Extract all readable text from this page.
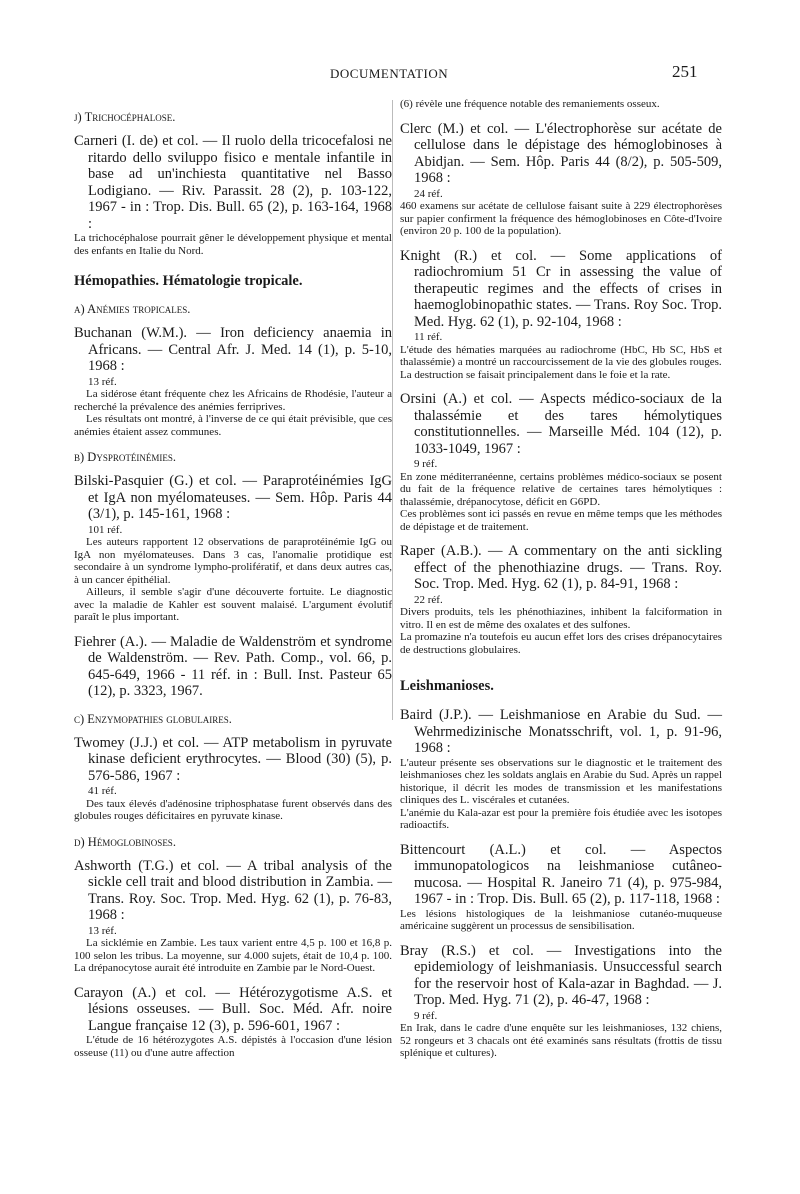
DOCUMENTATION	251
j) Trichocéphalose.

Carneri (I. de) et col. — Il ruolo della tricocefalosi ne ritardo dello sviluppo fisico e mentale infantile in base ad un'inchiesta quantitative nel Basso Lodigiano. — Riv. Parassit. 28 (2), p. 103-122, 1967 - in : Trop. Dis. Bull. 65 (2), p. 163-164, 1968 :

La trichocéphalose pourrait gêner le développement physique et mental des enfants en Italie du Nord.

Hémopathies. Hématologie tropicale.
a) Anémies tropicales.

Buchanan (W.M.). — Iron deficiency anaemia in Africans. — Central Afr. J. Med. 14 (1), p. 5-10, 1968 :

13 réf.

La sidérose étant fréquente chez les Africains de Rhodésie, l'auteur a recherché la prévalence des anémies ferriprives.

Les résultats ont montré, à l'inverse de ce qui était prévisible, que ces anémies étaient assez communes.

b) Dysprotéinémies.

Bilski-Pasquier (G.) et col. — Paraprotéinémies IgG et IgA non myélomateuses. — Sem. Hôp. Paris 44 (3/1), p. 145-161, 1968 :

101 réf.

Les auteurs rapportent 12 observations de paraprotéinémie IgG ou IgA non myélomateuses. Dans 3 cas, l'anomalie protidique est secondaire à un syndrome lympho-prolifératif, et dans deux autres cas, à un cancer épithélial.

Ailleurs, il semble s'agir d'une découverte fortuite. Le diagnostic avec la maladie de Kahler est souvent malaisé. L'argument évolutif paraît le plus important.

Fiehrer (A.). — Maladie de Waldenström et syndrome de Waldenström. — Rev. Path. Comp., vol. 66, p. 645-649, 1966 - 11 réf. in : Bull. Inst. Pasteur 65 (12), p. 3323, 1967.

c) Enzymopathies globulaires.

Twomey (J.J.) et col. — ATP metabolism in pyruvate kinase deficient erythrocytes. — Blood (30) (5), p. 576-586, 1967 :

41 réf.

Des taux élevés d'adénosine triphosphatase furent observés dans des globules rouges déficitaires en pyruvate kinase.

d) Hémoglobinoses.

Ashworth (T.G.) et col. — A tribal analysis of the sickle cell trait and blood distribution in Zambia. — Trans. Roy. Soc. Trop. Med. Hyg. 62 (1), p. 76-83, 1968 :

13 réf.

La sicklémie en Zambie. Les taux varient entre 4,5 p. 100 et 16,8 p. 100 selon les tribus. La moyenne, sur 4.000 sujets, était de 10,4 p. 100. La drépanocytose aurait été introduite en Zambie par le Nord-Ouest.

Carayon (A.) et col. — Hétérozygotisme A.S. et lésions osseuses. — Bull. Soc. Méd. Afr. noire Langue française 12 (3), p. 596-601, 1967 :

L'étude de 16 hétérozygotes A.S. dépistés à l'occasion d'une lésion osseuse (11) ou d'une autre affection

(6) révèle une fréquence notable des remaniements osseux.

Clerc (M.) et col. — L'électrophorèse sur acétate de cellulose dans le dépistage des hémoglobinoses à Abidjan. — Sem. Hôp. Paris 44 (8/2), p. 505-509, 1968 :

24 réf.

460 examens sur acétate de cellulose faisant suite à 229 électrophorèses sur papier confirment la fréquence des hémoglobinoses en Côte-d'Ivoire (environ 20 p. 100 de la population).

Knight (R.) et col. — Some applications of radiochromium 51 Cr in assessing the value of therapeutic regimes and the effects of crises in haemoglobinopathic states. — Trans. Roy Soc. Trop. Med. Hyg. 62 (1), p. 92-104, 1968 :

11 réf.

L'étude des hématies marquées au radiochrome (HbC, Hb SC, HbS et thalassémie) a montré un raccourcissement de la vie des globules rouges.

La destruction se faisait principalement dans le foie et la rate.

Orsini (A.) et col. — Aspects médico-sociaux de la thalassémie et des tares hémolytiques constitutionnelles. — Marseille Méd. 104 (12), p. 1033-1049, 1967 :

9 réf.

En zone méditerranéenne, certains problèmes médico-sociaux se posent du fait de la fréquence relative de certaines tares hémolytiques : thalassémie, drépanocytose, déficit en G6PD.

Ces problèmes sont ici passés en revue en même temps que les méthodes de dépistage et de traitement.

Raper (A.B.). — A commentary on the anti sickling effect of the phenothiazine drugs. — Trans. Roy. Soc. Trop. Med. Hyg. 62 (1), p. 84-91, 1968 :

22 réf.

Divers produits, tels les phénothiazines, inhibent la falciformation in vitro. Il en est de même des oxalates et des sulfones.

La promazine n'a toutefois eu aucun effet lors des crises drépanocytaires de destructions globulaires.

Leishmanioses.

Baird (J.P.). — Leishmaniose en Arabie du Sud. — Wehrmedizinische Monatsschrift, vol. 1, p. 91-96, 1968 :

L'auteur présente ses observations sur le diagnostic et le traitement des leishmanioses chez les soldats anglais en Arabie du Sud. Après un rappel historique, il décrit les modes de transmission et les manifestations cliniques des L. viscérales et cutanées.

L'anémie du Kala-azar est pour la première fois étudiée avec les isotopes radioactifs.

Bittencourt (A.L.) et col. — Aspectos immunopatologicos na leishmaniose cutâneo-mucosa. — Hospital R. Janeiro 71 (4), p. 975-984, 1967 - in : Trop. Dis. Bull. 65 (2), p. 117-118, 1968 :

Les lésions histologiques de la leishmaniose cutanéo-muqueuse américaine suggèrent un processus de sensibilisation.

Bray (R.S.) et col. — Investigations into the epidemiology of leishmaniasis. Unsuccessful search for the reservoir host of Kala-azar in Baghdad. — J. Trop. Med. Hyg. 71 (2), p. 46-47, 1968 :

9 réf.

En Irak, dans le cadre d'une enquête sur les leishmanioses, 132 chiens, 52 rongeurs et 3 chacals ont été examinés sans résultats (frottis de tissu splénique et cultures).
